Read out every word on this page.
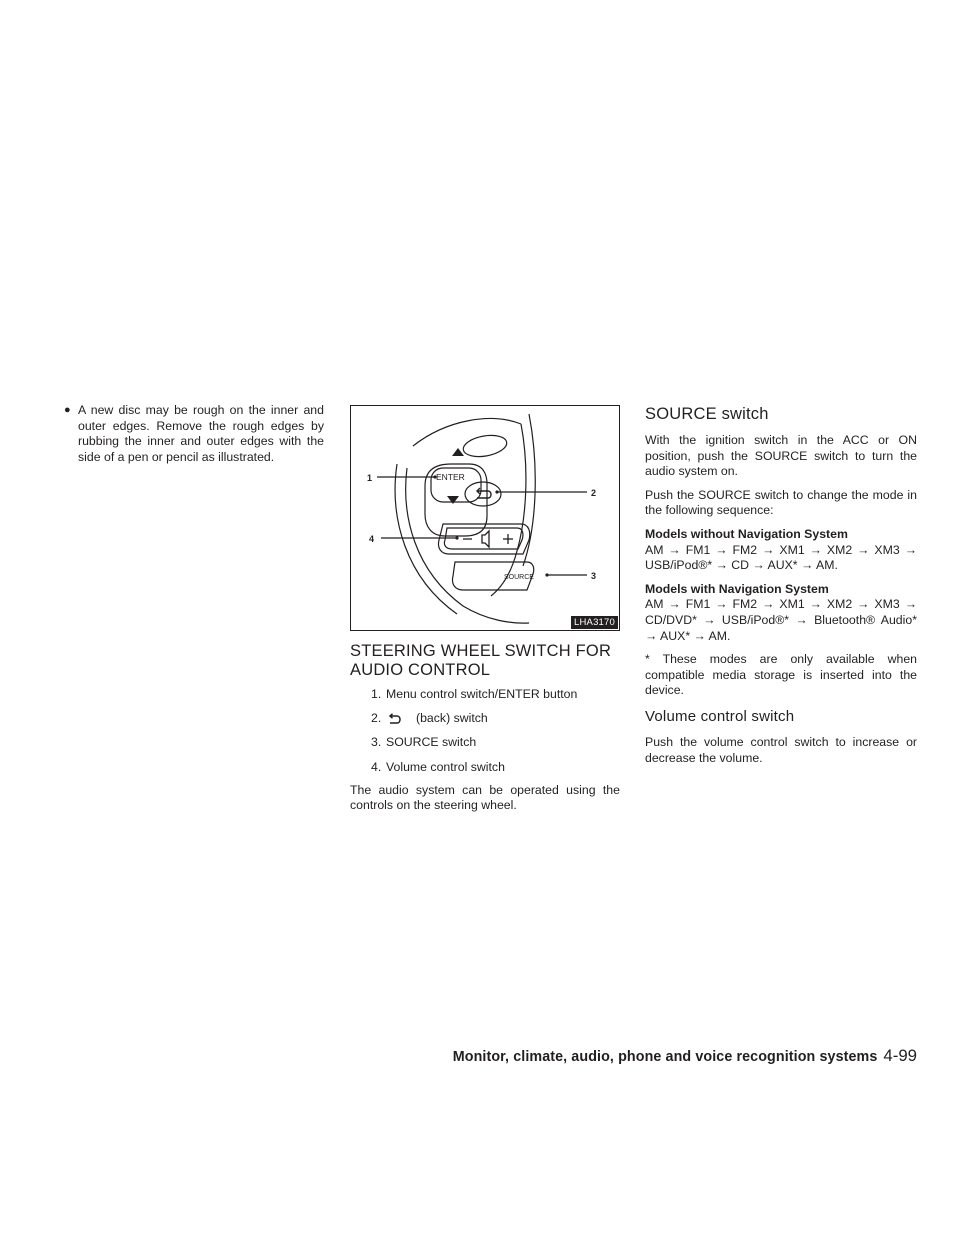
● A new disc may be rough on the inner and outer edges. Remove the rough edges by rubbing the inner and outer edges with the side of a pen or pencil as illustrated.
ENTER
SOURCE
1
2
3
4
LHA3170
STEERING WHEEL SWITCH FOR AUDIO CONTROL
1. Menu control switch/ENTER button
2.	(back) switch
3. SOURCE switch
4. Volume control switch

The audio system can be operated using the controls on the steering wheel.

SOURCE switch

With the ignition switch in the ACC or ON position, push the SOURCE switch to turn the audio system on.

Push the SOURCE switch to change the mode in the following sequence:

Models without Navigation System

AM → FM1 → FM2 → XM1 → XM2 → XM3 → USB/iPod®* → CD → AUX* → AM.

Models with Navigation System

AM → FM1 → FM2 → XM1 → XM2 → XM3 → CD/DVD* → USB/iPod®* → Bluetooth® Audio* → AUX* → AM.

* These modes are only available when compatible media storage is inserted into the device.

Volume control switch

Push the volume control switch to increase or decrease the volume.

Monitor, climate, audio, phone and voice recognition systems 4-99
